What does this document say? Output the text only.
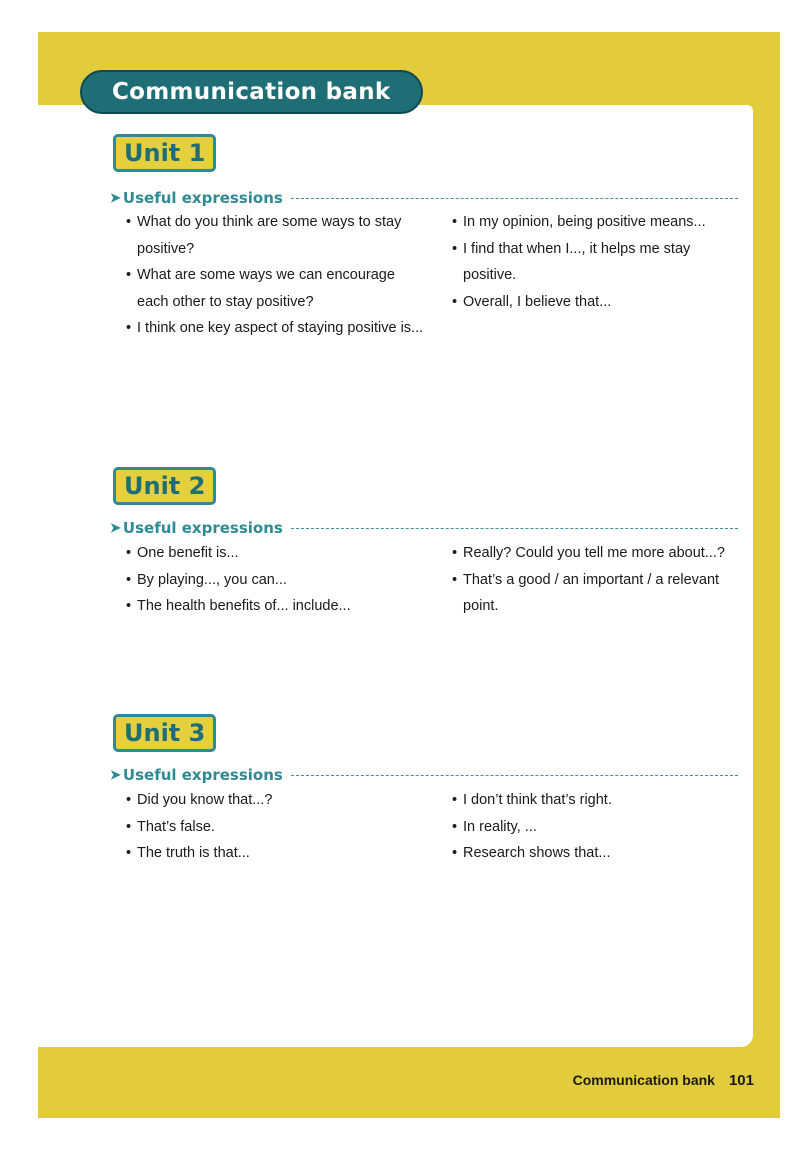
Communication bank
Unit 1
➤ Useful expressions
• What do you think are some ways to stay positive?
• What are some ways we can encourage each other to stay positive?
• I think one key aspect of staying positive is...
• In my opinion, being positive means...
• I find that when I..., it helps me stay positive.
• Overall, I believe that...
Unit 2
➤ Useful expressions
• One benefit is...
• By playing..., you can...
• The health benefits of... include...
• Really? Could you tell me more about...?
• That’s a good / an important / a relevant point.
Unit 3
➤ Useful expressions
• Did you know that...?
• That’s false.
• The truth is that...
• I don’t think that’s right.
• In reality, ...
• Research shows that...
Communication bank 101
